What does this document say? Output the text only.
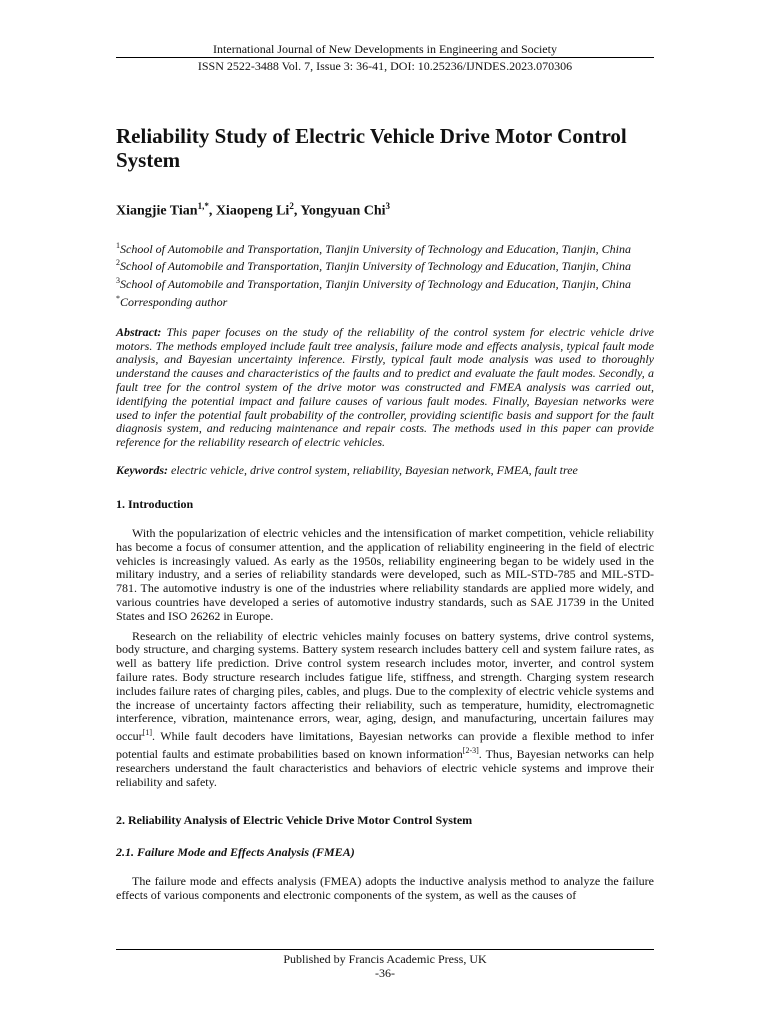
International Journal of New Developments in Engineering and Society
ISSN 2522-3488 Vol. 7, Issue 3: 36-41, DOI: 10.25236/IJNDES.2023.070306
Reliability Study of Electric Vehicle Drive Motor Control System
Xiangjie Tian$^{1,*}$, Xiaopeng Li$^2$, Yongyuan Chi$^3$
$^1$School of Automobile and Transportation, Tianjin University of Technology and Education, Tianjin, China
$^2$School of Automobile and Transportation, Tianjin University of Technology and Education, Tianjin, China
$^3$School of Automobile and Transportation, Tianjin University of Technology and Education, Tianjin, China
*Corresponding author
Abstract: This paper focuses on the study of the reliability of the control system for electric vehicle drive motors. The methods employed include fault tree analysis, failure mode and effects analysis, typical fault mode analysis, and Bayesian uncertainty inference. Firstly, typical fault mode analysis was used to thoroughly understand the causes and characteristics of the faults and to predict and evaluate the fault modes. Secondly, a fault tree for the control system of the drive motor was constructed and FMEA analysis was carried out, identifying the potential impact and failure causes of various fault modes. Finally, Bayesian networks were used to infer the potential fault probability of the controller, providing scientific basis and support for the fault diagnosis system, and reducing maintenance and repair costs. The methods used in this paper can provide reference for the reliability research of electric vehicles.
Keywords: electric vehicle, drive control system, reliability, Bayesian network, FMEA, fault tree
1. Introduction

With the popularization of electric vehicles and the intensification of market competition, vehicle reliability has become a focus of consumer attention, and the application of reliability engineering in the field of electric vehicles is increasingly valued. As early as the 1950s, reliability engineering began to be widely used in the military industry, and a series of reliability standards were developed, such as MIL-STD-785 and MIL-STD-781. The automotive industry is one of the industries where reliability standards are applied more widely, and various countries have developed a series of automotive industry standards, such as SAE J1739 in the United States and ISO 26262 in Europe.

Research on the reliability of electric vehicles mainly focuses on battery systems, drive control systems, body structure, and charging systems. Battery system research includes battery cell and system failure rates, as well as battery life prediction. Drive control system research includes motor, inverter, and control system failure rates. Body structure research includes fatigue life, stiffness, and strength. Charging system research includes failure rates of charging piles, cables, and plugs. Due to the complexity of electric vehicle systems and the increase of uncertainty factors affecting their reliability, such as temperature, humidity, electromagnetic interference, vibration, maintenance errors, wear, aging, design, and manufacturing, uncertain failures may occur[1]. While fault decoders have limitations, Bayesian networks can provide a flexible method to infer potential faults and estimate probabilities based on known information[2-3]. Thus, Bayesian networks can help researchers understand the fault characteristics and behaviors of electric vehicle systems and improve their reliability and safety.

2. Reliability Analysis of Electric Vehicle Drive Motor Control System
2.1. Failure Mode and Effects Analysis (FMEA)

The failure mode and effects analysis (FMEA) adopts the inductive analysis method to analyze the failure effects of various components and electronic components of the system, as well as the causes of

Published by Francis Academic Press, UK
-36-
